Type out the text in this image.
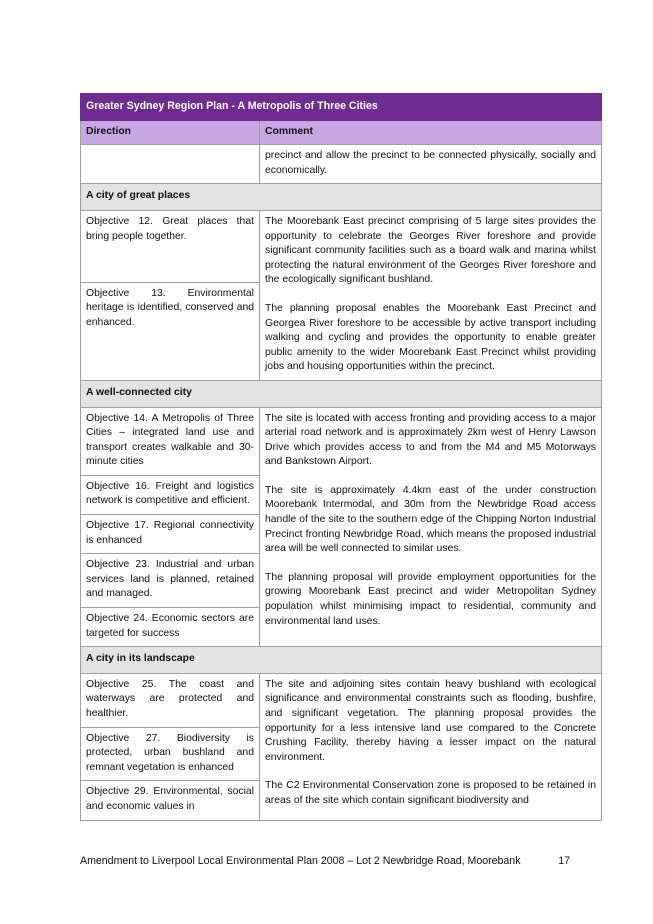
Greater Sydney Region Plan - A Metropolis of Three Cities	
Direction	Comment
	precinct and allow the precinct to be connected physically, socially and economically.
A city of great places	
Objective 12. Great places that bring people together.	The Moorebank East precinct comprising of 5 large sites provides the opportunity to celebrate the Georges River foreshore and provide significant community facilities such as a board walk and marina whilst protecting the natural environment of the Georges River foreshore and the ecologically significant bushland.

The planning proposal enables the Moorebank East Precinct and Georgea River foreshore to be accessible by active transport including walking and cycling and provides the opportunity to enable greater public amenity to the wider Moorebank East Precinct whilst providing jobs and housing opportunities within the precinct.

Objective 13. Environmental heritage is identified, conserved and enhanced.	
A well-connected city	
Objective 14. A Metropolis of Three Cities – integrated land use and transport creates walkable and 30-minute cities	The site is located with access fronting and providing access to a major arterial road network and is approximately 2km west of Henry Lawson Drive which provides access to and from the M4 and M5 Motorways and Bankstown Airport.

The site is approximately 4.4km east of the under construction Moorebank Intermodal, and 30m from the Newbridge Road access handle of the site to the southern edge of the Chipping Norton Industrial Precinct fronting Newbridge Road, which means the proposed industrial area will be well connected to similar uses.

The planning proposal will provide employment opportunities for the growing Moorebank East precinct and wider Metropolitan Sydney population whilst minimising impact to residential, community and environmental land uses.

Objective 16. Freight and logistics network is competitive and efficient.	
Objective 17. Regional connectivity is enhanced	
Objective 23. Industrial and urban services land is planned, retained and managed.	
Objective 24. Economic sectors are targeted for success	
A city in its landscape	
Objective 25. The coast and waterways are protected and healthier.	The site and adjoining sites contain heavy bushland with ecological significance and environmental constraints such as flooding, bushfire, and significant vegetation. The planning proposal provides the opportunity for a less intensive land use compared to the Concrete Crushing Facility, thereby having a lesser impact on the natural environment.

The C2 Environmental Conservation zone is proposed to be retained in areas of the site which contain significant biodiversity and

Objective 27. Biodiversity is protected, urban bushland and remnant vegetation is enhanced	
Objective 29. Environmental, social and economic values in	
Amendment to Liverpool Local Environmental Plan 2008 – Lot 2 Newbridge Road, Moorebank	17
